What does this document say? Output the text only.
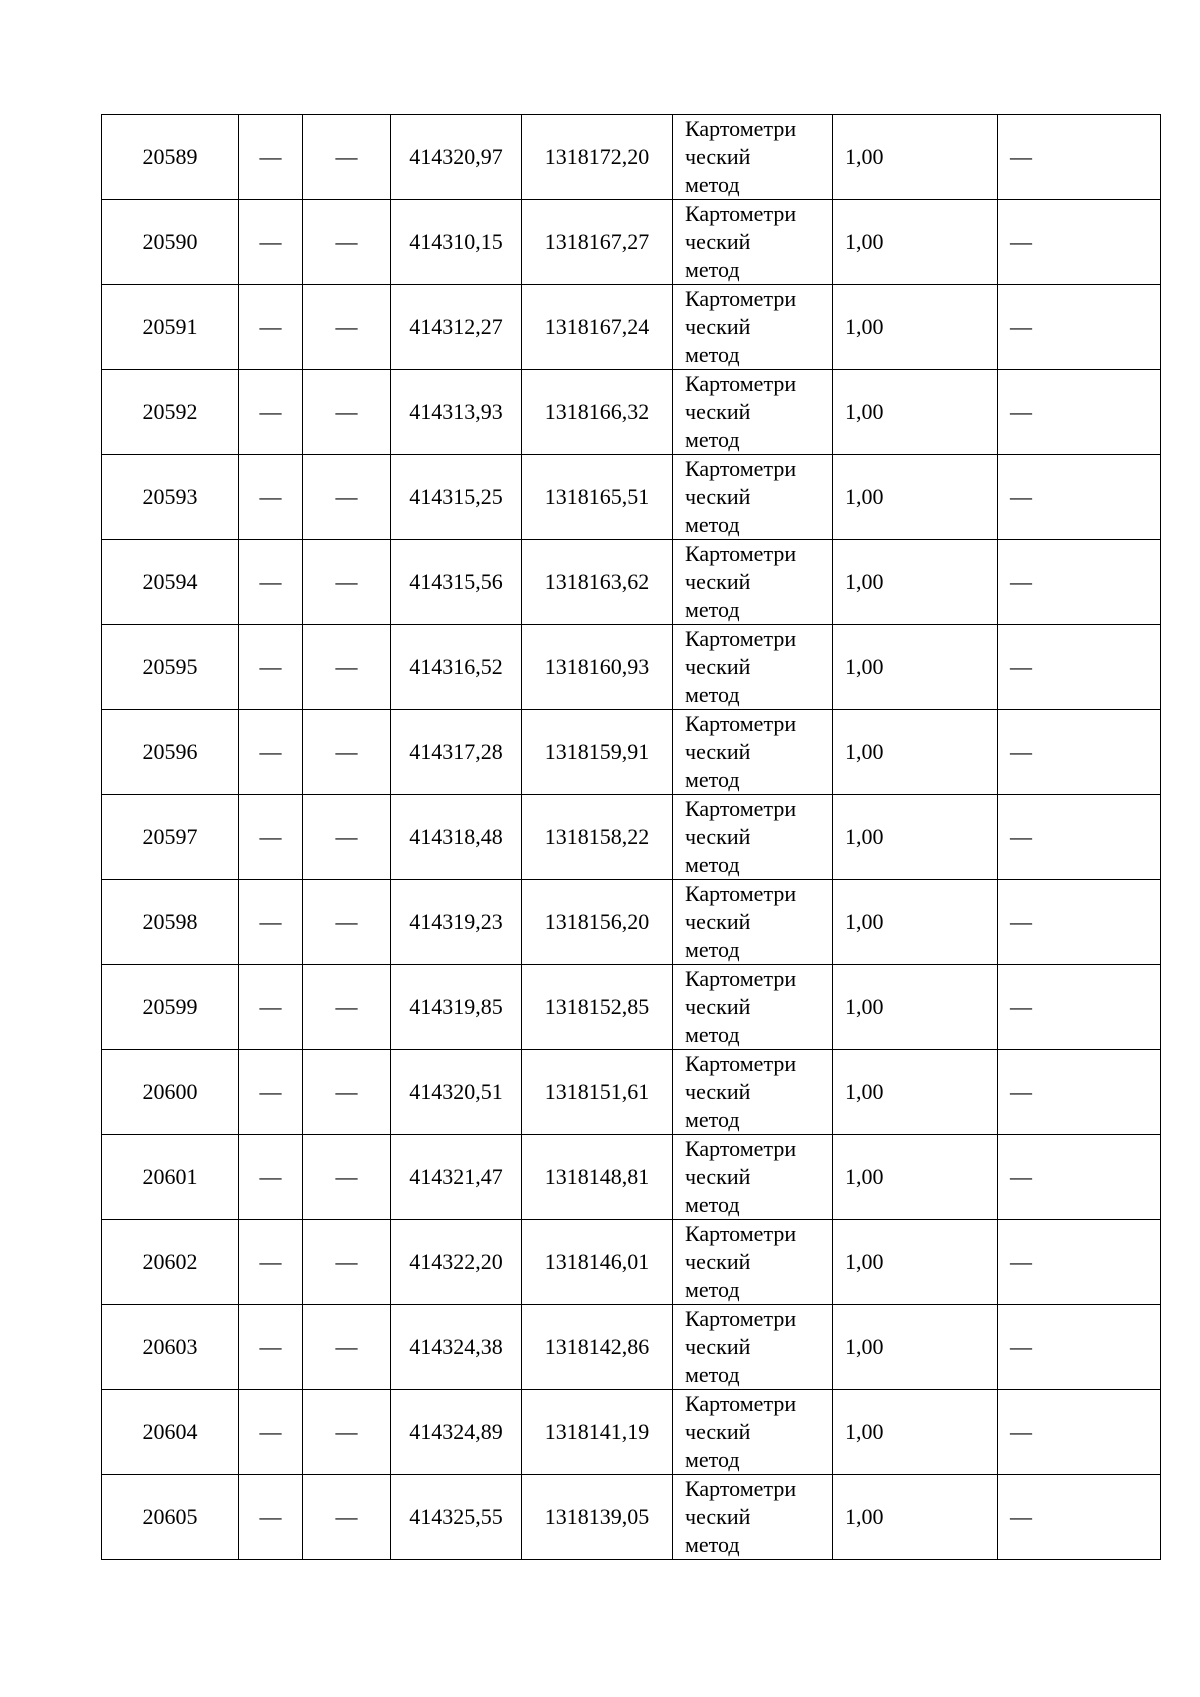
20589	—	—	414320,97	1318172,20	Картометри
ческий
метод	1,00	—
20590	—	—	414310,15	1318167,27	Картометри
ческий
метод	1,00	—
20591	—	—	414312,27	1318167,24	Картометри
ческий
метод	1,00	—
20592	—	—	414313,93	1318166,32	Картометри
ческий
метод	1,00	—
20593	—	—	414315,25	1318165,51	Картометри
ческий
метод	1,00	—
20594	—	—	414315,56	1318163,62	Картометри
ческий
метод	1,00	—
20595	—	—	414316,52	1318160,93	Картометри
ческий
метод	1,00	—
20596	—	—	414317,28	1318159,91	Картометри
ческий
метод	1,00	—
20597	—	—	414318,48	1318158,22	Картометри
ческий
метод	1,00	—
20598	—	—	414319,23	1318156,20	Картометри
ческий
метод	1,00	—
20599	—	—	414319,85	1318152,85	Картометри
ческий
метод	1,00	—
20600	—	—	414320,51	1318151,61	Картометри
ческий
метод	1,00	—
20601	—	—	414321,47	1318148,81	Картометри
ческий
метод	1,00	—
20602	—	—	414322,20	1318146,01	Картометри
ческий
метод	1,00	—
20603	—	—	414324,38	1318142,86	Картометри
ческий
метод	1,00	—
20604	—	—	414324,89	1318141,19	Картометри
ческий
метод	1,00	—
20605	—	—	414325,55	1318139,05	Картометри
ческий
метод	1,00	—
